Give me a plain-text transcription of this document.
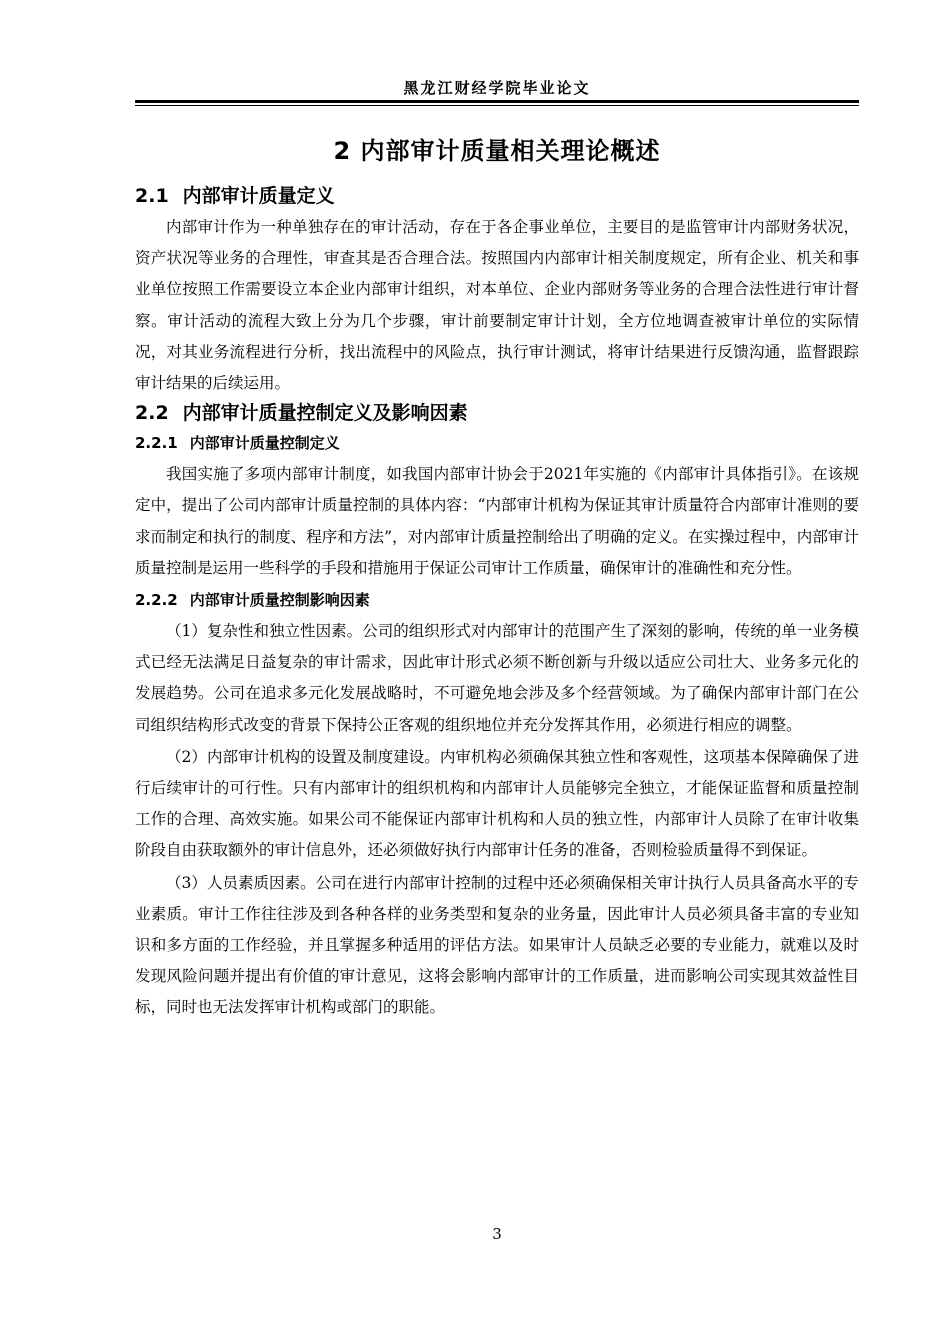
黑龙江财经学院毕业论文
2 内部审计质量相关理论概述
2.1 内部审计质量定义

内部审计作为一种单独存在的审计活动，存在于各企事业单位，主要目的是监管审计内部财务状况，资产状况等业务的合理性，审查其是否合理合法。按照国内内部审计相关制度规定，所有企业、机关和事业单位按照工作需要设立本企业内部审计组织，对本单位、企业内部财务等业务的合理合法性进行审计督察。审计活动的流程大致上分为几个步骤，审计前要制定审计计划，全方位地调查被审计单位的实际情况，对其业务流程进行分析，找出流程中的风险点，执行审计测试，将审计结果进行反馈沟通，监督跟踪审计结果的后续运用。

2.2 内部审计质量控制定义及影响因素
2.2.1 内部审计质量控制定义

我国实施了多项内部审计制度，如我国内部审计协会于2021年实施的《内部审计具体指引》。在该规定中，提出了公司内部审计质量控制的具体内容：“内部审计机构为保证其审计质量符合内部审计准则的要求而制定和执行的制度、程序和方法”，对内部审计质量控制给出了明确的定义。在实操过程中，内部审计质量控制是运用一些科学的手段和措施用于保证公司审计工作质量，确保审计的准确性和充分性。

2.2.2 内部审计质量控制影响因素

（1）复杂性和独立性因素。公司的组织形式对内部审计的范围产生了深刻的影响，传统的单一业务模式已经无法满足日益复杂的审计需求，因此审计形式必须不断创新与升级以适应公司壮大、业务多元化的发展趋势。公司在追求多元化发展战略时，不可避免地会涉及多个经营领域。为了确保内部审计部门在公司组织结构形式改变的背景下保持公正客观的组织地位并充分发挥其作用，必须进行相应的调整。

（2）内部审计机构的设置及制度建设。内审机构必须确保其独立性和客观性，这项基本保障确保了进行后续审计的可行性。只有内部审计的组织机构和内部审计人员能够完全独立，才能保证监督和质量控制工作的合理、高效实施。如果公司不能保证内部审计机构和人员的独立性，内部审计人员除了在审计收集阶段自由获取额外的审计信息外，还必须做好执行内部审计任务的准备，否则检验质量得不到保证。

（3）人员素质因素。公司在进行内部审计控制的过程中还必须确保相关审计执行人员具备高水平的专业素质。审计工作往往涉及到各种各样的业务类型和复杂的业务量，因此审计人员必须具备丰富的专业知识和多方面的工作经验，并且掌握多种适用的评估方法。如果审计人员缺乏必要的专业能力，就难以及时发现风险问题并提出有价值的审计意见，这将会影响内部审计的工作质量，进而影响公司实现其效益性目标，同时也无法发挥审计机构或部门的职能。

3
